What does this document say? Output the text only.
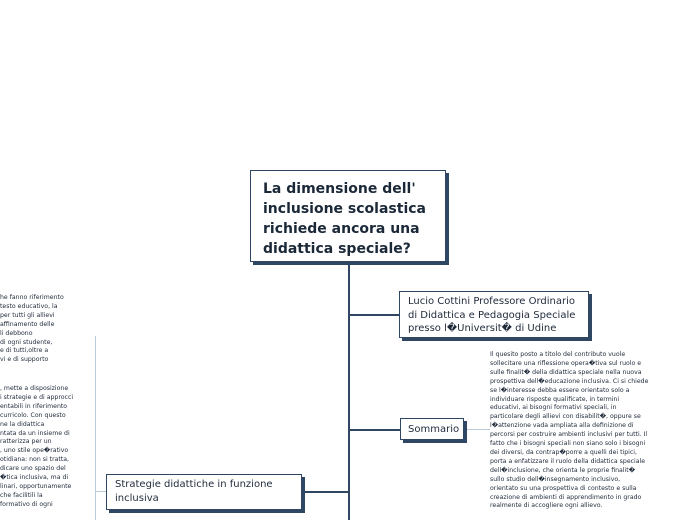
La dimensione dell'
inclusione scolastica
richiede ancora una
didattica speciale?
Lucio Cottini Professore Ordinario
di Didattica e Pedagogia Speciale
presso l�Universit� di Udine
Sommario
Il quesito posto a titolo del contributo vuole
sollecitare una riflessione opera�tiva sul ruolo e
sulle finalit� della didattica speciale nella nuova
prospettiva dell�educazione inclusiva. Ci si chiede
se l�interesse debba essere orientato solo a
individuare risposte qualificate, in termini
educativi, ai bisogni formativi speciali, in
particolare degli allievi con disabilit�, oppure se
l�attenzione vada ampliata alla definizione di
percorsi per costruire ambienti inclusivi per tutti. Il
fatto che i bisogni speciali non siano solo i bisogni
dei diversi, da contrap�porre a quelli dei tipici,
porta a enfatizzare il ruolo della didattica speciale
dell�inclusione, che orienta le proprie finalit�
sullo studio dell�insegnamento inclusivo,
orientato su una prospettiva di contesto e sulla
creazione di ambienti di apprendimento in grado
realmente di accogliere ogni allievo.
Strategie didattiche in funzione
inclusiva
he fanno riferimento
testo educativo, la
per tutti gli allievi
affinamento delle
li debbono
di ogni studente,
e di tutti,oltre a
vi e di supporto
, mette a disposizione
i strategie e di approcci
entabili in riferimento
curricolo. Con questo
ne la didattica
ntata da un insieme di
ratterizza per un
, uno stile ope�rativo
otidiana: non si tratta,
dicare uno spazio del
�tica inclusiva, ma di
linari, opportunamente
che facilitili la
formativo di ogni
